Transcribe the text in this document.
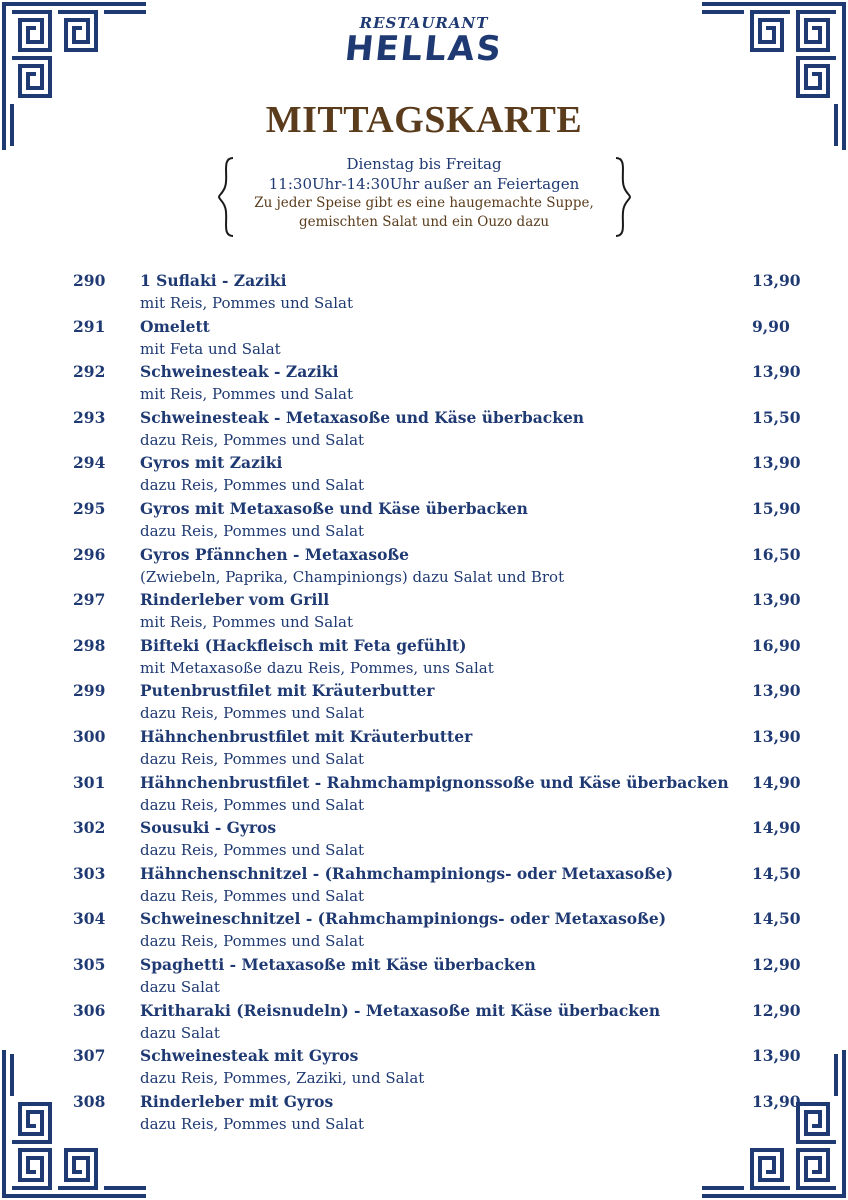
RESTAURANT
HELLAS
MITTAGSKARTE
Dienstag bis Freitag
11:30Uhr-14:30Uhr außer an Feiertagen
Zu jeder Speise gibt es eine haugemachte Suppe,
gemischten Salat und ein Ouzo dazu
290 1 Suflaki - Zaziki
mit Reis, Pommes und Salat
13,90
291 Omelett
mit Feta und Salat
9,90
292 Schweinesteak - Zaziki
mit Reis, Pommes und Salat
13,90
293 Schweinesteak - Metaxasoße und Käse überbacken
dazu Reis, Pommes und Salat
15,50
294 Gyros mit Zaziki
dazu Reis, Pommes und Salat
13,90
295 Gyros mit Metaxasoße und Käse überbacken
dazu Reis, Pommes und Salat
15,90
296 Gyros Pfännchen - Metaxasoße
(Zwiebeln, Paprika, Champiniongs) dazu Salat und Brot
16,50
297 Rinderleber vom Grill
mit Reis, Pommes und Salat
13,90
298 Bifteki (Hackfleisch mit Feta gefühlt)
mit Metaxasoße dazu Reis, Pommes, uns Salat
16,90
299 Putenbrustfilet mit Kräuterbutter
dazu Reis, Pommes und Salat
13,90
300 Hähnchenbrustfilet mit Kräuterbutter
dazu Reis, Pommes und Salat
13,90
301 Hähnchenbrustfilet - Rahmchampignonssoße und Käse überbacken
dazu Reis, Pommes und Salat
14,90
302 Sousuki - Gyros
dazu Reis, Pommes und Salat
14,90
303 Hähnchenschnitzel - (Rahmchampiniongs- oder Metaxasoße)
dazu Reis, Pommes und Salat
14,50
304 Schweineschnitzel - (Rahmchampiniongs- oder Metaxasoße)
dazu Reis, Pommes und Salat
14,50
305 Spaghetti - Metaxasoße mit Käse überbacken
dazu Salat
12,90
306 Kritharaki (Reisnudeln) - Metaxasoße mit Käse überbacken
dazu Salat
12,90
307 Schweinesteak mit Gyros
dazu Reis, Pommes, Zaziki, und Salat
13,90
308 Rinderleber mit Gyros
dazu Reis, Pommes und Salat
13,90
